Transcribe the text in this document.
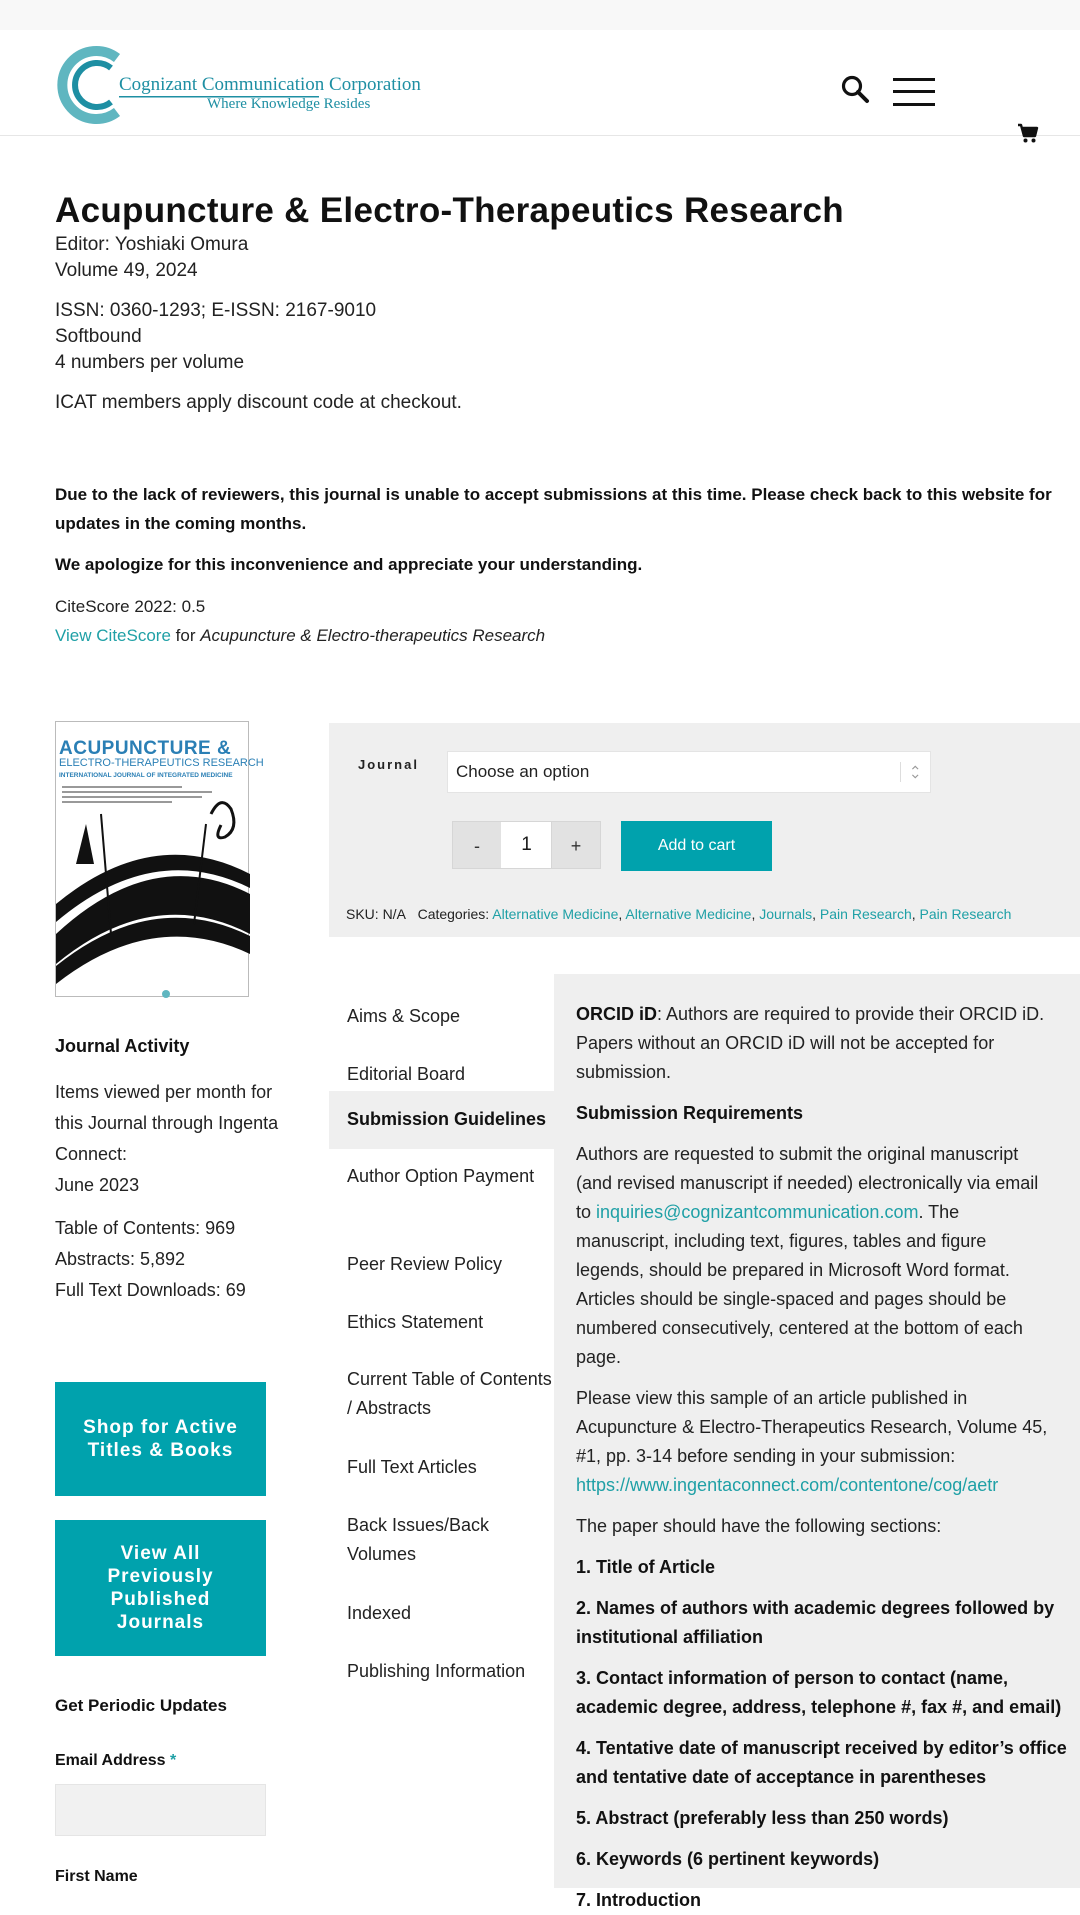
Cognizant Communication Corporation
Where Knowledge Resides
Acupuncture & Electro-Therapeutics Research
Editor: Yoshiaki Omura
Volume 49, 2024
ISSN: 0360-1293; E-ISSN: 2167-9010
Softbound
4 numbers per volume
ICAT members apply discount code at checkout.

Due to the lack of reviewers, this journal is unable to accept submissions at this time. Please check back to this website for updates in the coming months.

We apologize for this inconvenience and appreciate your understanding.

CiteScore 2022: 0.5
View CiteScore for Acupuncture & Electro-therapeutics Research
ACUPUNCTURE &
ELECTRO-THERAPEUTICS RESEARCH
INTERNATIONAL JOURNAL OF INTEGRATED MEDICINE
Journal	Choose an option
-	1	+	Add to cart
SKU: N/A Categories: Alternative Medicine, Alternative Medicine, Journals, Pain Research, Pain Research
Journal Activity

Items viewed per month for this Journal through Ingenta Connect:

June 2023

Table of Contents: 969

Abstracts: 5,892

Full Text Downloads: 69

Shop for Active Titles & Books
View All Previously Published Journals
Get Periodic Updates
Email Address *
First Name
Aims & Scope
Editorial Board
Submission Guidelines
Author Option Payment
Peer Review Policy
Ethics Statement
Current Table of Contents / Abstracts
Full Text Articles
Back Issues/Back Volumes
Indexed
Publishing Information

ORCID iD: Authors are required to provide their ORCID iD. Papers without an ORCID iD will not be accepted for submission.

Submission Requirements

Authors are requested to submit the original manuscript (and revised manuscript if needed) electronically via email to inquiries@cognizantcommunication.com. The manuscript, including text, figures, tables and figure legends, should be prepared in Microsoft Word format. Articles should be single-spaced and pages should be numbered consecutively, centered at the bottom of each page.

Please view this sample of an article published in Acupuncture & Electro-Therapeutics Research, Volume 45, #1, pp. 3-14 before sending in your submission: https://www.ingentaconnect.com/contentone/cog/aetr

The paper should have the following sections:

1. Title of Article

2. Names of authors with academic degrees followed by institutional affiliation

3. Contact information of person to contact (name, academic degree, address, telephone #, fax #, and email)

4. Tentative date of manuscript received by editor’s office and tentative date of acceptance in parentheses

5. Abstract (preferably less than 250 words)

6. Keywords (6 pertinent keywords)

7. Introduction
